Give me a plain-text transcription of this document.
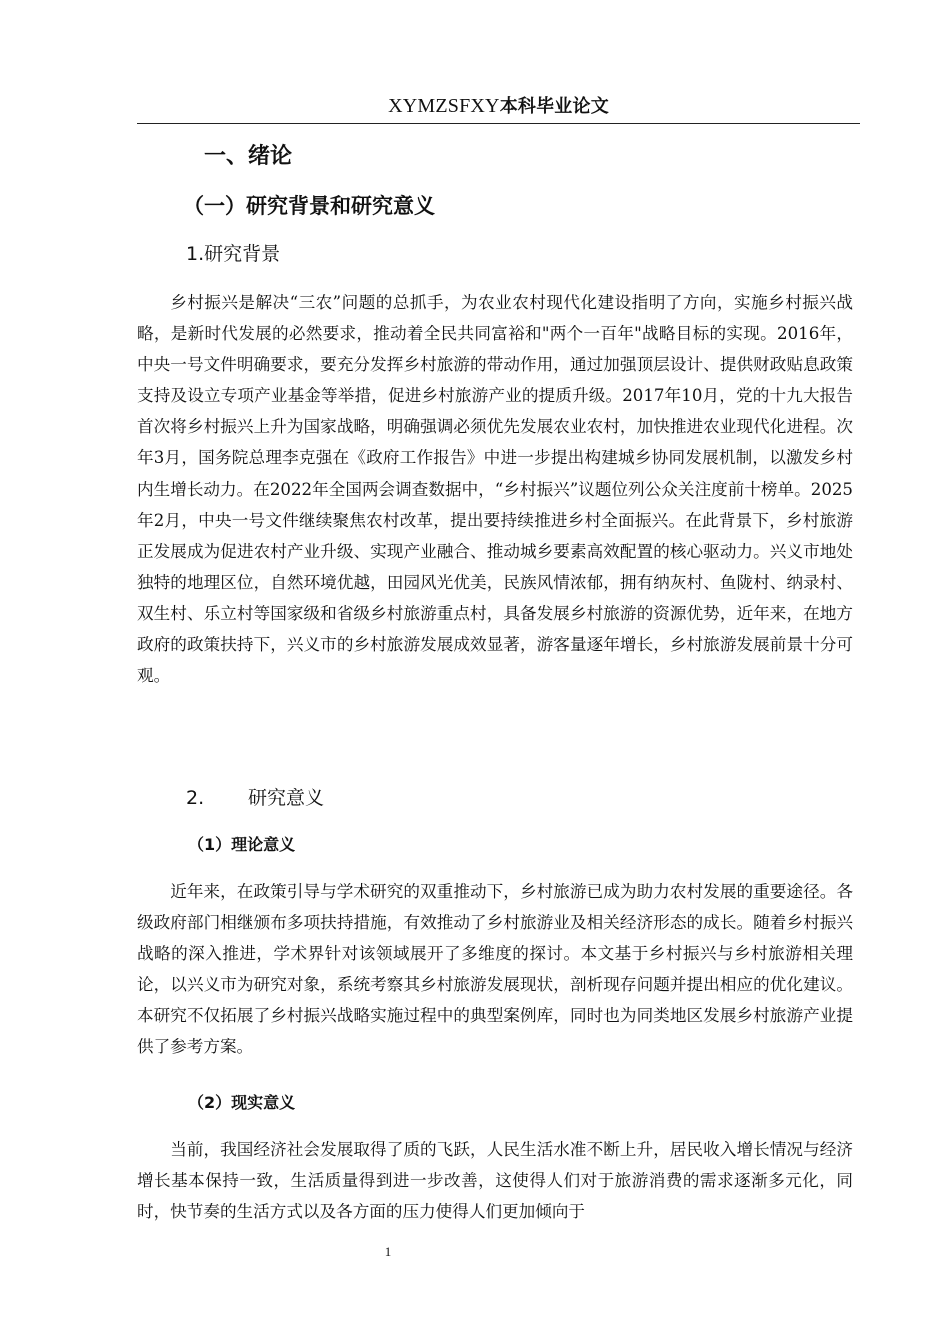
XYMZSFXY本科毕业论文
一、绪论
（一）研究背景和研究意义
1.研究背景

乡村振兴是解决“三农”问题的总抓手，为农业农村现代化建设指明了方向，实施乡村振兴战略，是新时代发展的必然要求，推动着全民共同富裕和"两个一百年"战略目标的实现。2016年，中央一号文件明确要求，要充分发挥乡村旅游的带动作用，通过加强顶层设计、提供财政贴息政策支持及设立专项产业基金等举措，促进乡村旅游产业的提质升级。2017年10月，党的十九大报告首次将乡村振兴上升为国家战略，明确强调必须优先发展农业农村，加快推进农业现代化进程。次年3月，国务院总理李克强在《政府工作报告》中进一步提出构建城乡协同发展机制，以激发乡村内生增长动力。在2022年全国两会调查数据中，“乡村振兴”议题位列公众关注度前十榜单。2025年2月，中央一号文件继续聚焦农村改革，提出要持续推进乡村全面振兴。在此背景下，乡村旅游正发展成为促进农村产业升级、实现产业融合、推动城乡要素高效配置的核心驱动力。兴义市地处独特的地理区位，自然环境优越，田园风光优美，民族风情浓郁，拥有纳灰村、鱼陇村、纳录村、双生村、乐立村等国家级和省级乡村旅游重点村，具备发展乡村旅游的资源优势，近年来，在地方政府的政策扶持下，兴义市的乡村旅游发展成效显著，游客量逐年增长，乡村旅游发展前景十分可观。

2. 研究意义
（1）理论意义

近年来，在政策引导与学术研究的双重推动下，乡村旅游已成为助力农村发展的重要途径。各级政府部门相继颁布多项扶持措施，有效推动了乡村旅游业及相关经济形态的成长。随着乡村振兴战略的深入推进，学术界针对该领域展开了多维度的探讨。本文基于乡村振兴与乡村旅游相关理论，以兴义市为研究对象，系统考察其乡村旅游发展现状，剖析现存问题并提出相应的优化建议。本研究不仅拓展了乡村振兴战略实施过程中的典型案例库，同时也为同类地区发展乡村旅游产业提供了参考方案。

（2）现实意义

当前，我国经济社会发展取得了质的飞跃，人民生活水准不断上升，居民收入增长情况与经济增长基本保持一致，生活质量得到进一步改善，这使得人们对于旅游消费的需求逐渐多元化，同时，快节奏的生活方式以及各方面的压力使得人们更加倾向于

1
